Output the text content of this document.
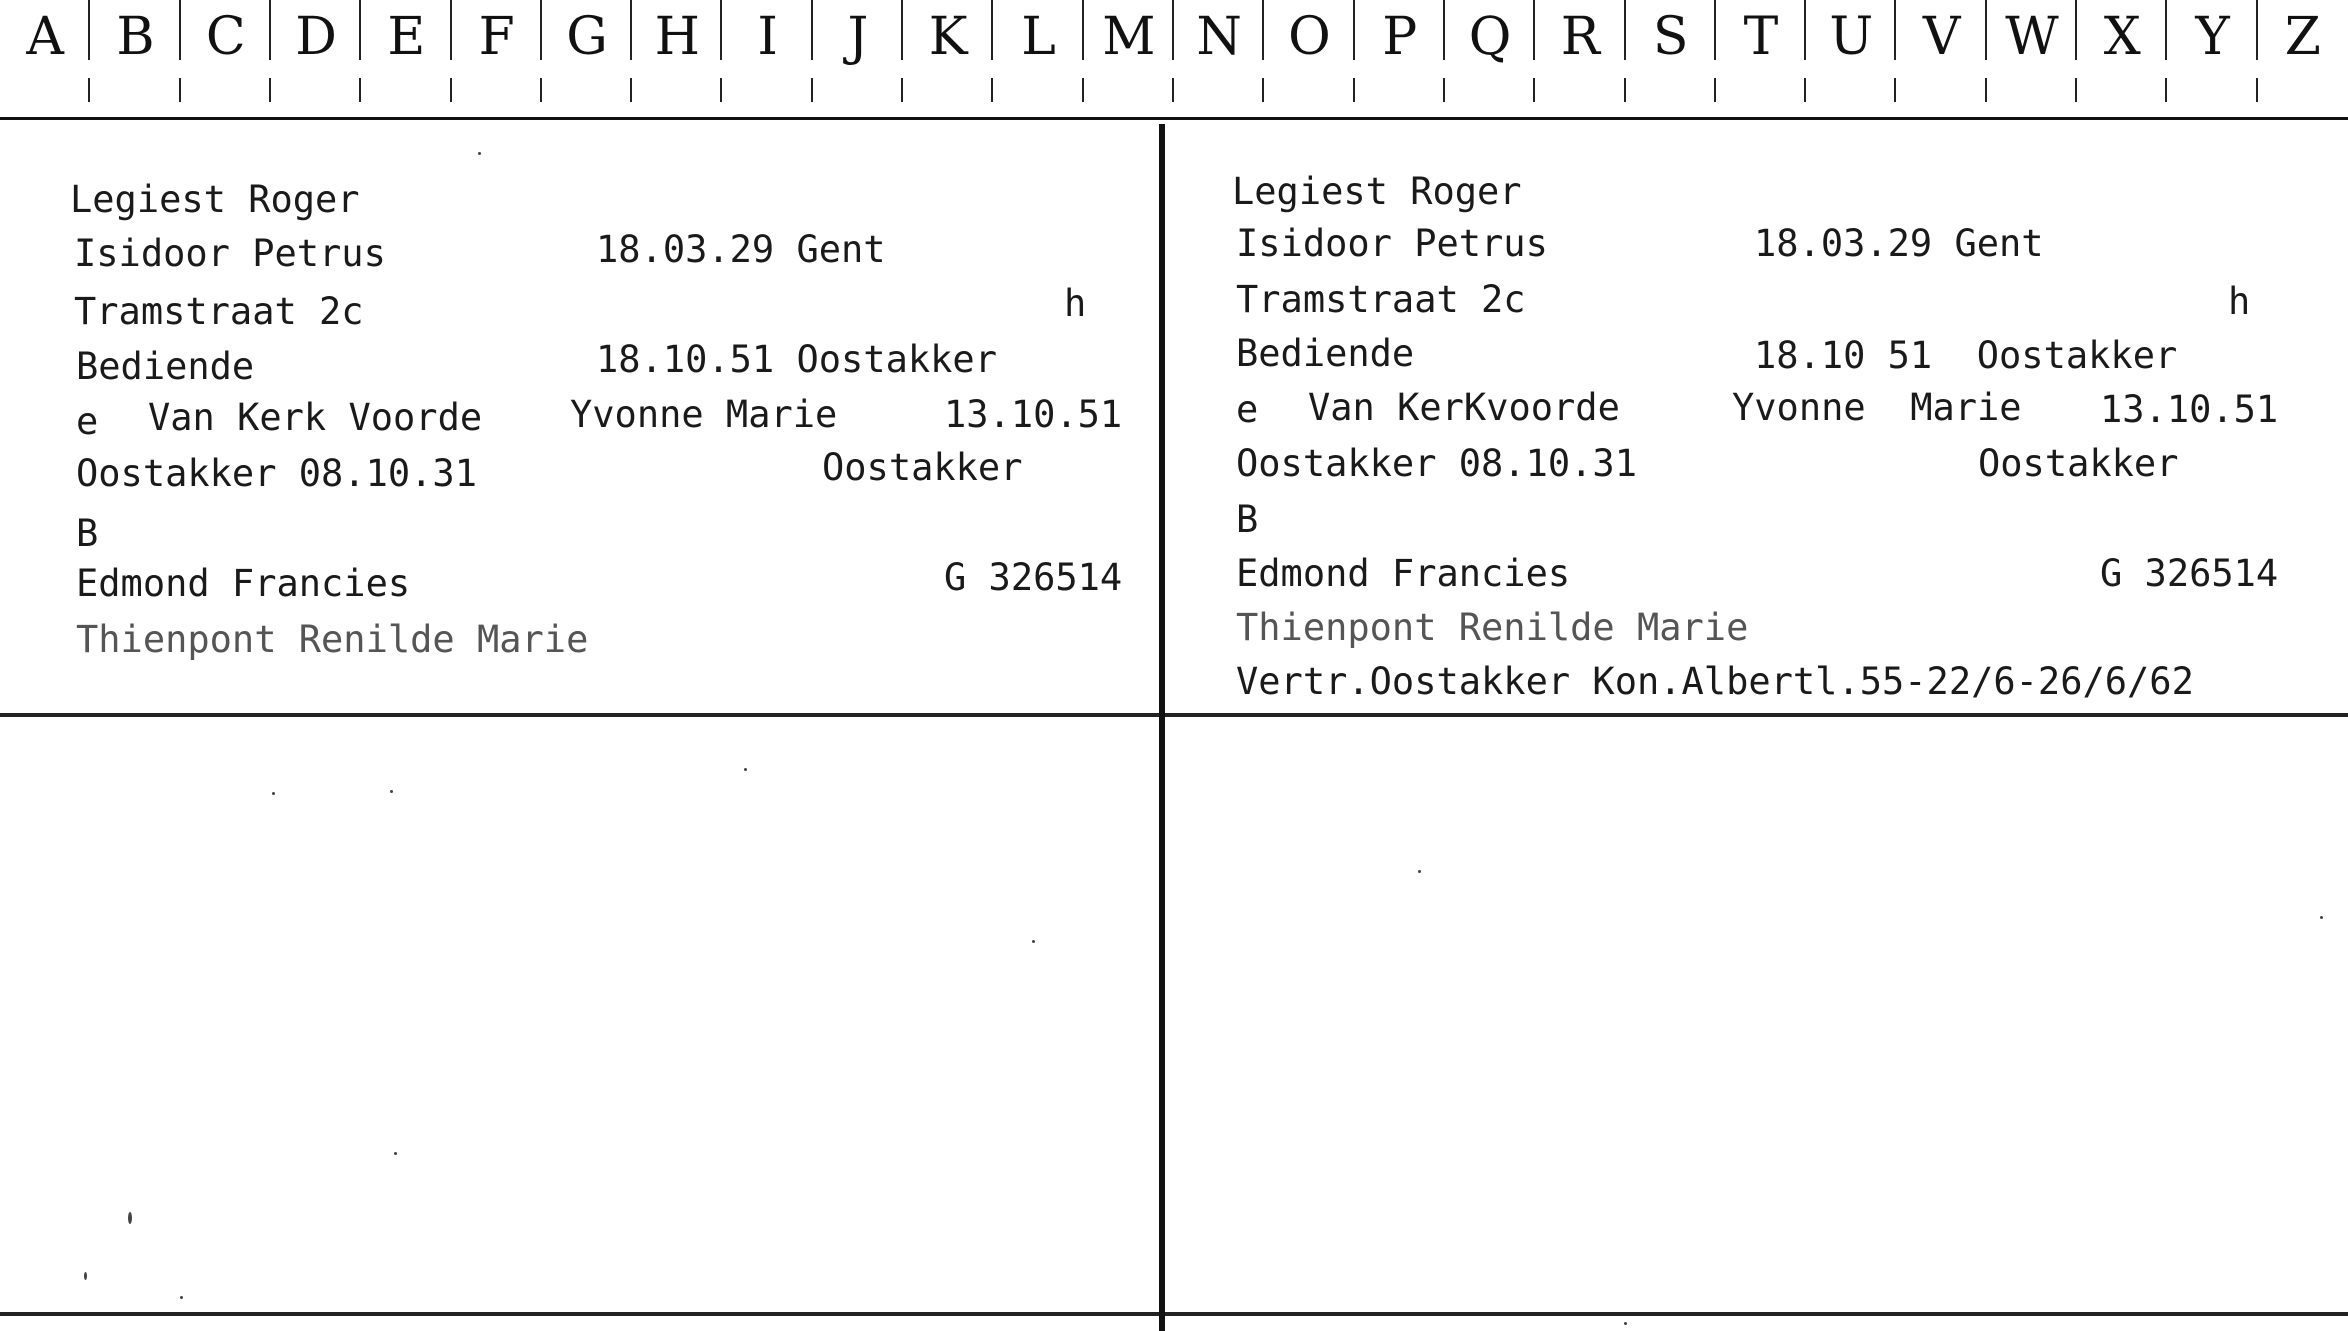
A	B C D E	F G H	I	J	K	L M N O P Q R	S	T U V W X	Y	Z
Legiest Roger
Isidoor Petrus	18.03.29 Gent
Tramstraat 2c	h
Bediende	18.10.51 Oostakker
e Van Kerk Voorde Yvonne Marie	13.10.51
Oostakker 08.10.31	Oostakker
B
Edmond Francies	G 326514
Thienpont Renilde Marie
Legiest Roger
Isidoor Petrus	18.03.29 Gent
Tramstraat 2c	h
Bediende	18.10 51  Oostakker
e Van KerKvoorde	Yvonne  Marie 13.10.51
Oostakker 08.10.31	Oostakker
B
Edmond Francies	G 326514
Thienpont Renilde Marie
Vertr.Oostakker Kon.Albertl.55-22/6-26/6/62
